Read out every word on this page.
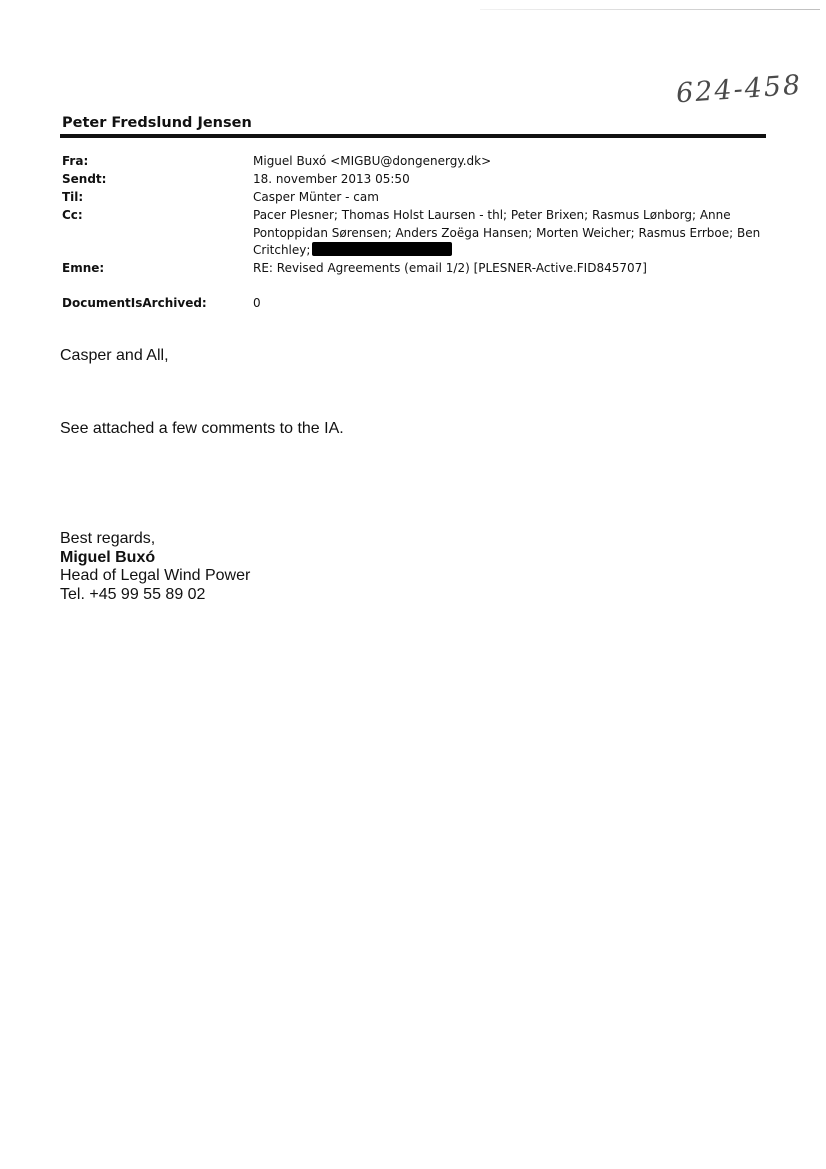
624-458
Peter Fredslund Jensen
Fra:	Miguel Buxó <MIGBU@dongenergy.dk>
Sendt:	18. november 2013 05:50
Til:	Casper Münter - cam
Cc:	Pacer Plesner; Thomas Holst Laursen - thl; Peter Brixen; Rasmus Lønborg; Anne Pontoppidan Sørensen; Anders Zoëga Hansen; Morten Weicher; Rasmus Errboe; Ben Critchley;
Emne:	RE: Revised Agreements (email 1/2) [PLESNER-Active.FID845707]
DocumentIsArchived:	0
Casper and All,
See attached a few comments to the IA.
Best regards,
Miguel Buxó
Head of Legal Wind Power
Tel. +45 99 55 89 02
